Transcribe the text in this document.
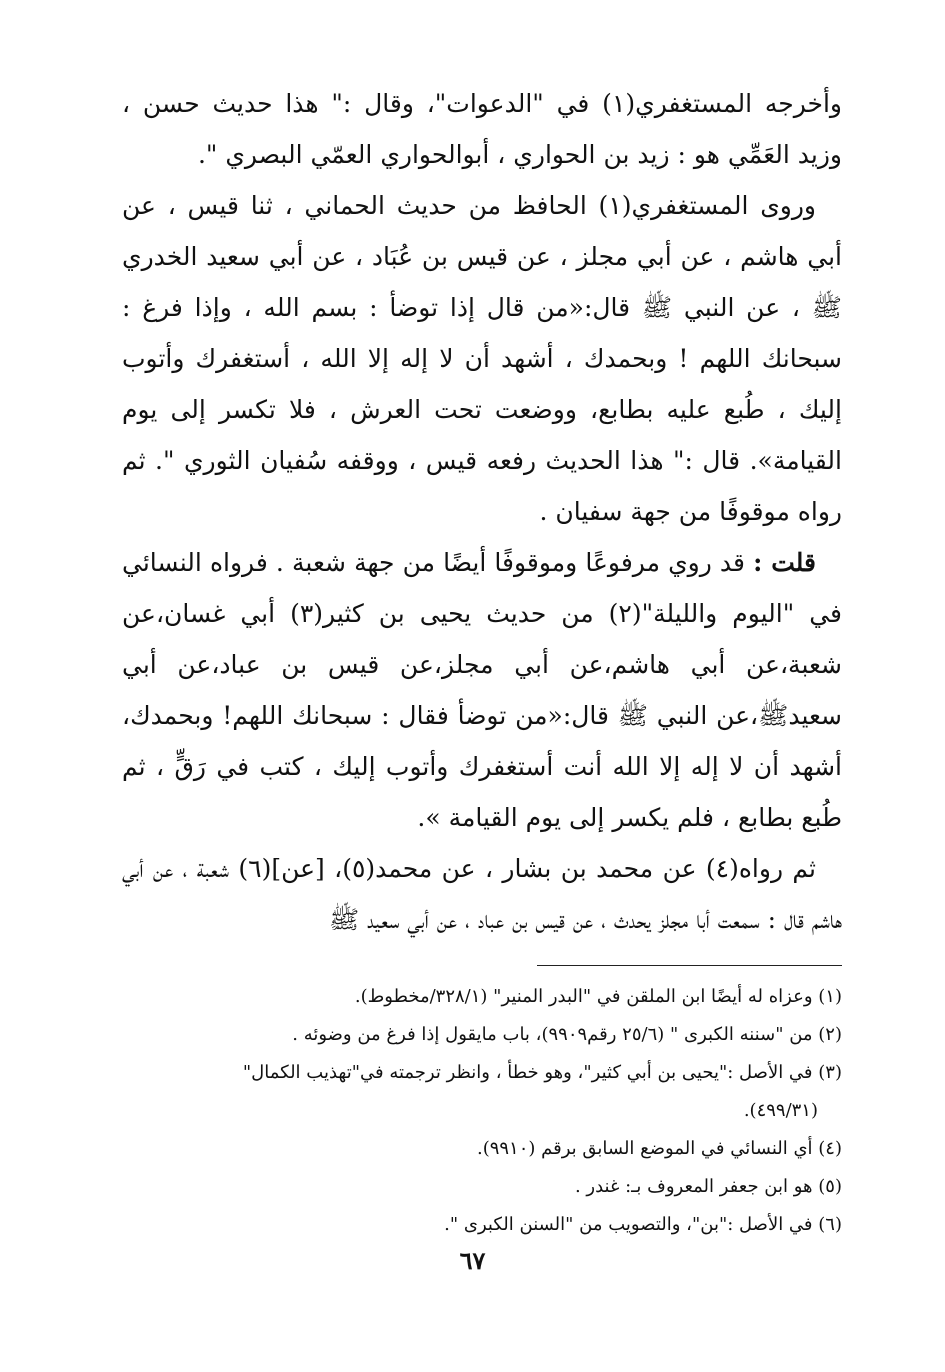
وأخرجه المستغفري(١) في "الدعوات"، وقال :" هذا حديث حسن ، وزيد العَمِّي هو : زيد بن الحواري ، أبوالحواري العمّي البصري ".

وروى المستغفري(١) الحافظ من حديث الحماني ، ثنا قيس ، عن أبي هاشم ، عن أبي مجلز ، عن قيس بن عُبَاد ، عن أبي سعيد الخدري ﷺ ، عن النبي ﷺ قال:«من قال إذا توضأ : بسم الله ، وإذا فرغ : سبحانك اللهم ! وبحمدك ، أشهد أن لا إله إلا الله ، أستغفرك وأتوب إليك ، طُبع عليه بطابع، ووضعت تحت العرش ، فلا تكسر إلى يوم القيامة». قال :" هذا الحديث رفعه قيس ، ووقفه سُفيان الثوري ". ثم رواه موقوفًا من جهة سفيان .

قلت : قد روي مرفوعًا وموقوفًا أيضًا من جهة شعبة . فرواه النسائي في "اليوم والليلة"(٢) من حديث يحيى بن كثير(٣) أبي غسان،عن شعبة،عن أبي هاشم،عن أبي مجلز،عن قيس بن عباد،عن أبي سعيدﷺ،عن النبي ﷺ قال:«من توضأ فقال : سبحانك اللهم! وبحمدك، أشهد أن لا إله إلا الله أنت أستغفرك وأتوب إليك ، كتب في رَقٍّ ، ثم طُبع بطابع ، فلم يكسر إلى يوم القيامة ».

ثم رواه(٤) عن محمد بن بشار ، عن محمد(٥)، [عن](٦) شعبة ، عن أبي هاشم قال : سمعت أبا مجلز يحدث ، عن قيس بن عباد ، عن أبي سعيد ﷺ

(١) وعزاه له أيضًا ابن الملقن في "البدر المنير" (٣٢٨/١/مخطوط).
(٢) من "سننه الكبرى " (٢٥/٦ رقم٩٩٠٩)، باب مايقول إذا فرغ من وضوئه .
(٣) في الأصل :"يحيى بن أبي كثير"، وهو خطأ ، وانظر ترجمته في"تهذيب الكمال"
(٤٩٩/٣١).
(٤) أي النسائي في الموضع السابق برقم (٩٩١٠).
(٥) هو ابن جعفر المعروف بـ: غندر .
(٦) في الأصل :"بن"، والتصويب من "السنن الكبرى ".
٦٧
